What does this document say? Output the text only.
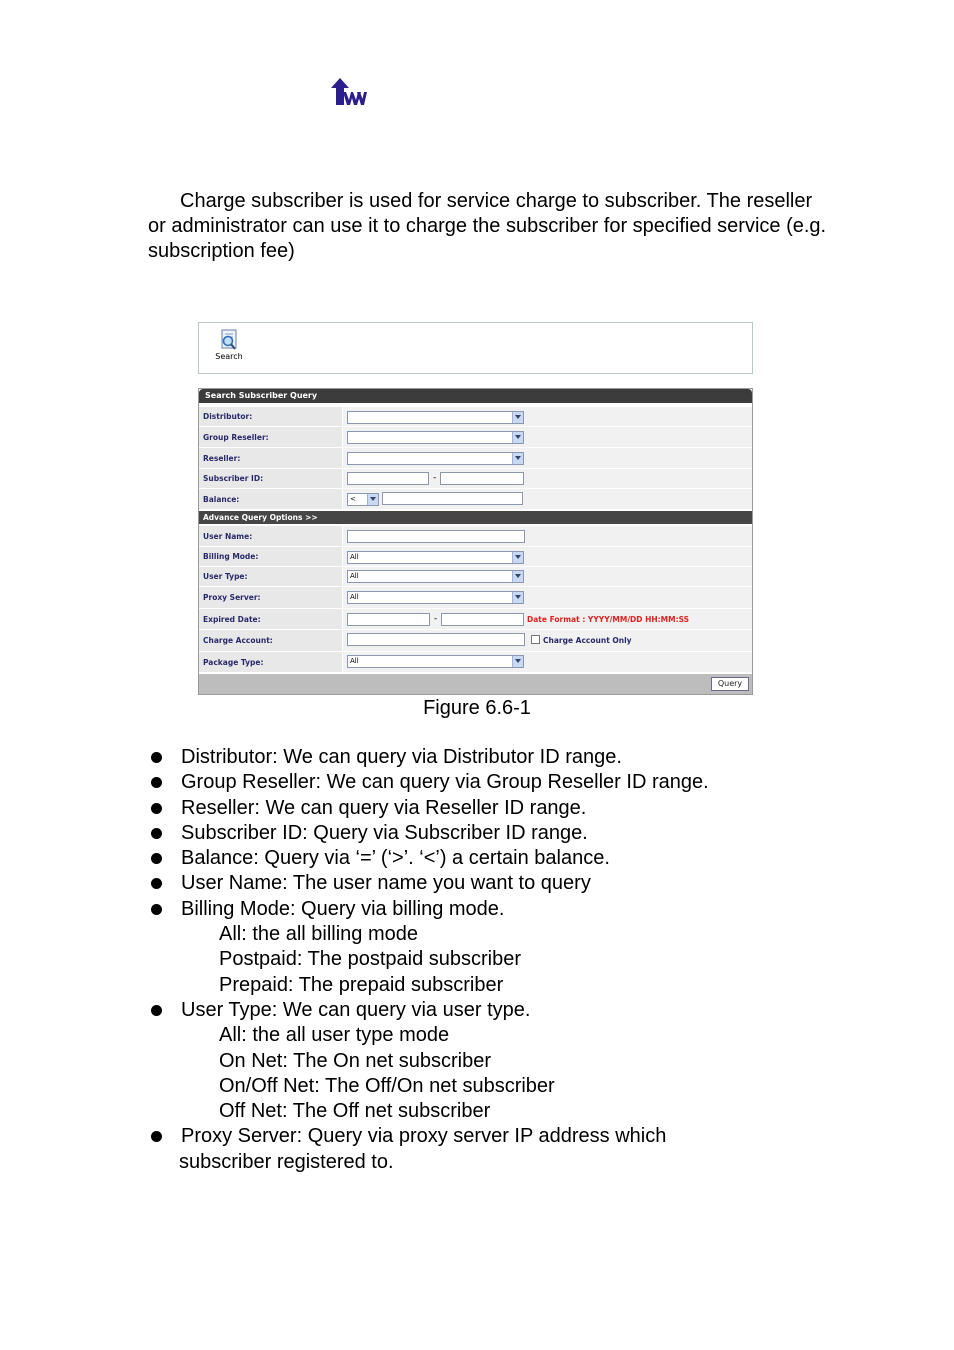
Charge subscriber is used for service charge to subscriber. The reseller or administrator can use it to charge the subscriber for specified service (e.g. subscription fee)
Search
Search Subscriber Query
Distributor:
Group Reseller:
Reseller:
Subscriber ID:	-
Balance:	<
Advance Query Options >>
User Name:
Billing Mode:	All
User Type:	All
Proxy Server:	All
Expired Date:	-	Date Format : YYYY/MM/DD HH:MM:SS
Charge Account:	Charge Account Only
Package Type:	All
Query
Figure 6.6-1
Distributor: We can query via Distributor ID range.
Group Reseller: We can query via Group Reseller ID range.
Reseller: We can query via Reseller ID range.
Subscriber ID: Query via Subscriber ID range.
Balance: Query via ‘=’ (‘>’. ‘<’) a certain balance.
User Name: The user name you want to query
Billing Mode: Query via billing mode.
All: the all billing mode
Postpaid: The postpaid subscriber
Prepaid: The prepaid subscriber
User Type: We can query via user type.
All: the all user type mode
On Net: The On net subscriber
On/Off Net: The Off/On net subscriber
Off Net: The Off net subscriber
Proxy Server: Query via proxy server IP address which
subscriber registered to.
